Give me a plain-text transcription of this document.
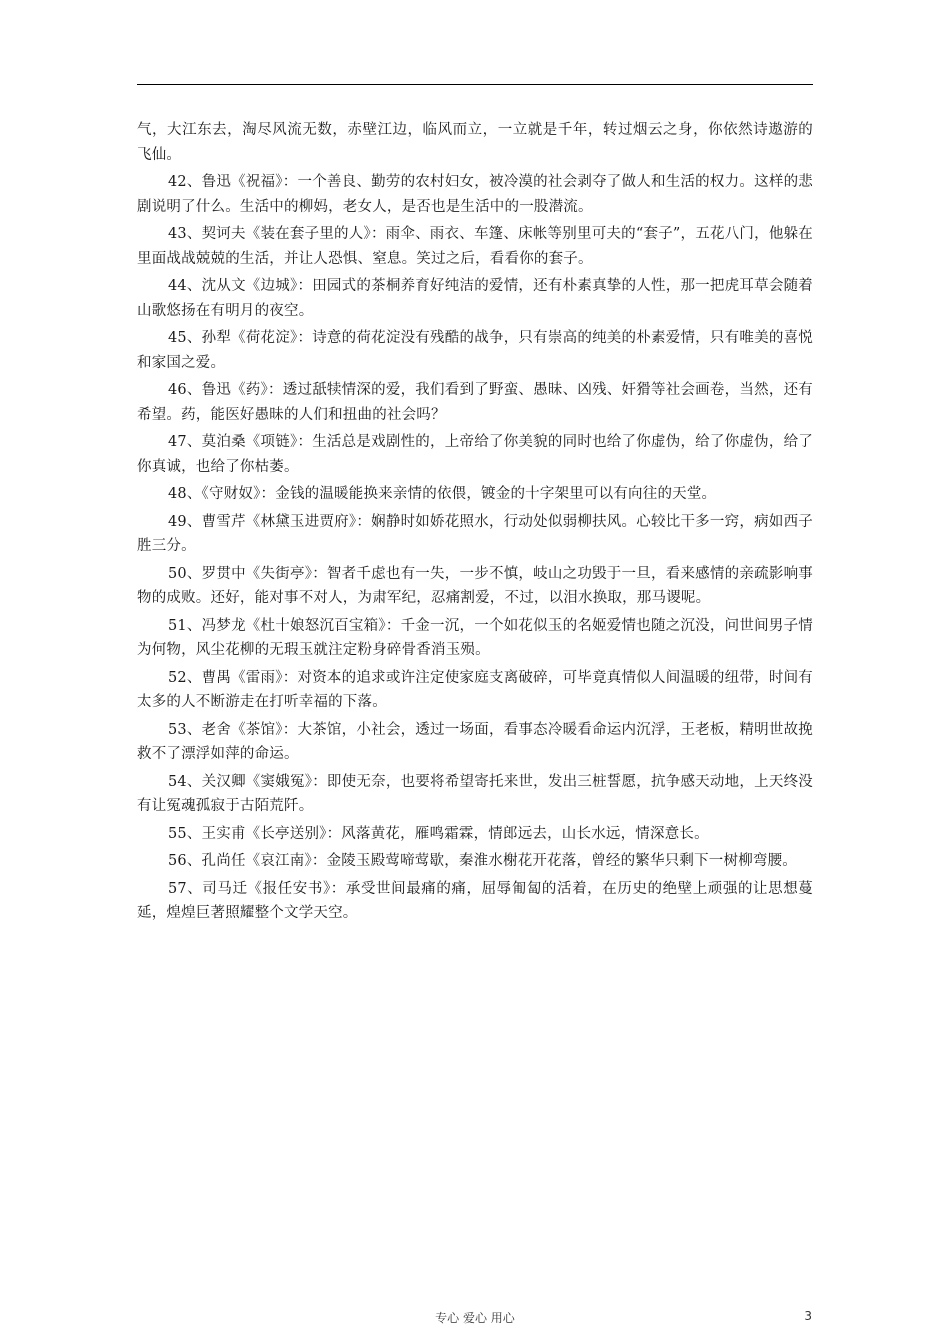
气，大江东去，淘尽风流无数，赤壁江边，临风而立，一立就是千年，转过烟云之身，你依然诗遨游的飞仙。

42、鲁迅《祝福》：一个善良、勤劳的农村妇女，被冷漠的社会剥夺了做人和生活的权力。这样的悲剧说明了什么。生活中的柳妈，老女人，是否也是生活中的一股潜流。

43、契诃夫《装在套子里的人》：雨伞、雨衣、车篷、床帐等别里可夫的“套子”，五花八门，他躲在里面战战兢兢的生活，并让人恐惧、窒息。笑过之后，看看你的套子。

44、沈从文《边城》：田园式的茶桐养育好纯洁的爱情，还有朴素真挚的人性，那一把虎耳草会随着山歌悠扬在有明月的夜空。

45、孙犁《荷花淀》：诗意的荷花淀没有残酷的战争，只有崇高的纯美的朴素爱情，只有唯美的喜悦和家国之爱。

46、鲁迅《药》：透过舐犊情深的爱，我们看到了野蛮、愚昧、凶残、奸猾等社会画卷，当然，还有希望。药，能医好愚昧的人们和扭曲的社会吗？

47、莫泊桑《项链》：生活总是戏剧性的，上帝给了你美貌的同时也给了你虚伪，给了你虚伪，给了你真诚，也给了你枯萎。

48、《守财奴》：金钱的温暖能换来亲情的依偎，镀金的十字架里可以有向往的天堂。

49、曹雪芹《林黛玉进贾府》：娴静时如娇花照水，行动处似弱柳扶风。心较比干多一窍，病如西子胜三分。

50、罗贯中《失街亭》：智者千虑也有一失，一步不慎，岐山之功毁于一旦，看来感情的亲疏影响事物的成败。还好，能对事不对人，为肃军纪，忍痛割爱，不过，以泪水换取，那马谡呢。

51、冯梦龙《杜十娘怒沉百宝箱》：千金一沉，一个如花似玉的名姬爱情也随之沉没，问世间男子情为何物，风尘花柳的无瑕玉就注定粉身碎骨香消玉殒。

52、曹禺《雷雨》：对资本的追求或许注定使家庭支离破碎，可毕竟真情似人间温暖的纽带，时间有太多的人不断游走在打听幸福的下落。

53、老舍《茶馆》：大茶馆，小社会，透过一场面，看事态冷暖看命运内沉浮，王老板，精明世故挽救不了漂浮如萍的命运。

54、关汉卿《窦娥冤》：即使无奈，也要将希望寄托来世，发出三桩誓愿，抗争感天动地，上天终没有让冤魂孤寂于古陌荒阡。

55、王实甫《长亭送别》：风落黄花，雁鸣霜霖，情郎远去，山长水远，情深意长。

56、孔尚任《哀江南》：金陵玉殿莺啼莺歇，秦淮水榭花开花落，曾经的繁华只剩下一树柳弯腰。

57、司马迁《报任安书》：承受世间最痛的痛，屈辱匍匐的活着，在历史的绝壁上顽强的让思想蔓延，煌煌巨著照耀整个文学天空。

专心 爱心 用心	3
